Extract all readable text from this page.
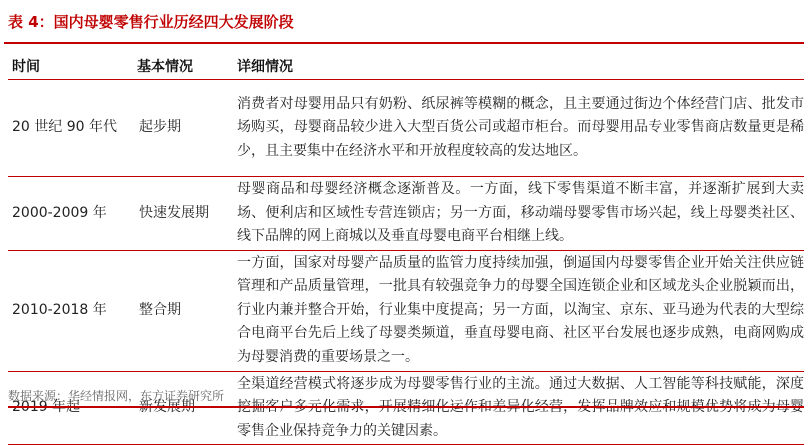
表 4：国内母婴零售行业历经四大发展阶段
时间	基本情况	详细情况
20 世纪 90 年代	起步期	消费者对母婴用品只有奶粉、纸尿裤等模糊的概念，且主要通过街边个体经营门店、批发市场购买，母婴商品较少进入大型百货公司或超市柜台。而母婴用品专业零售商店数量更是稀少，且主要集中在经济水平和开放程度较高的发达地区。
2000-2009 年	快速发展期	母婴商品和母婴经济概念逐渐普及。一方面，线下零售渠道不断丰富，并逐渐扩展到大卖场、便利店和区域性专营连锁店；另一方面，移动端母婴零售市场兴起，线上母婴类社区、线下品牌的网上商城以及垂直母婴电商平台相继上线。
2010-2018 年	整合期	一方面，国家对母婴产品质量的监管力度持续加强，倒逼国内母婴零售企业开始关注供应链管理和产品质量管理，一批具有较强竞争力的母婴全国连锁企业和区域龙头企业脱颖而出，行业内兼并整合开始，行业集中度提高；另一方面，以淘宝、京东、亚马逊为代表的大型综合电商平台先后上线了母婴类频道，垂直母婴电商、社区平台发展也逐步成熟，电商网购成为母婴消费的重要场景之一。
2019 年起	新发展期	全渠道经营模式将逐步成为母婴零售行业的主流。通过大数据、人工智能等科技赋能，深度挖掘客户多元化需求，开展精细化运作和差异化经营，发挥品牌效应和规模优势将成为母婴零售企业保持竞争力的关键因素。
数据来源：华经情报网，东方证券研究所
